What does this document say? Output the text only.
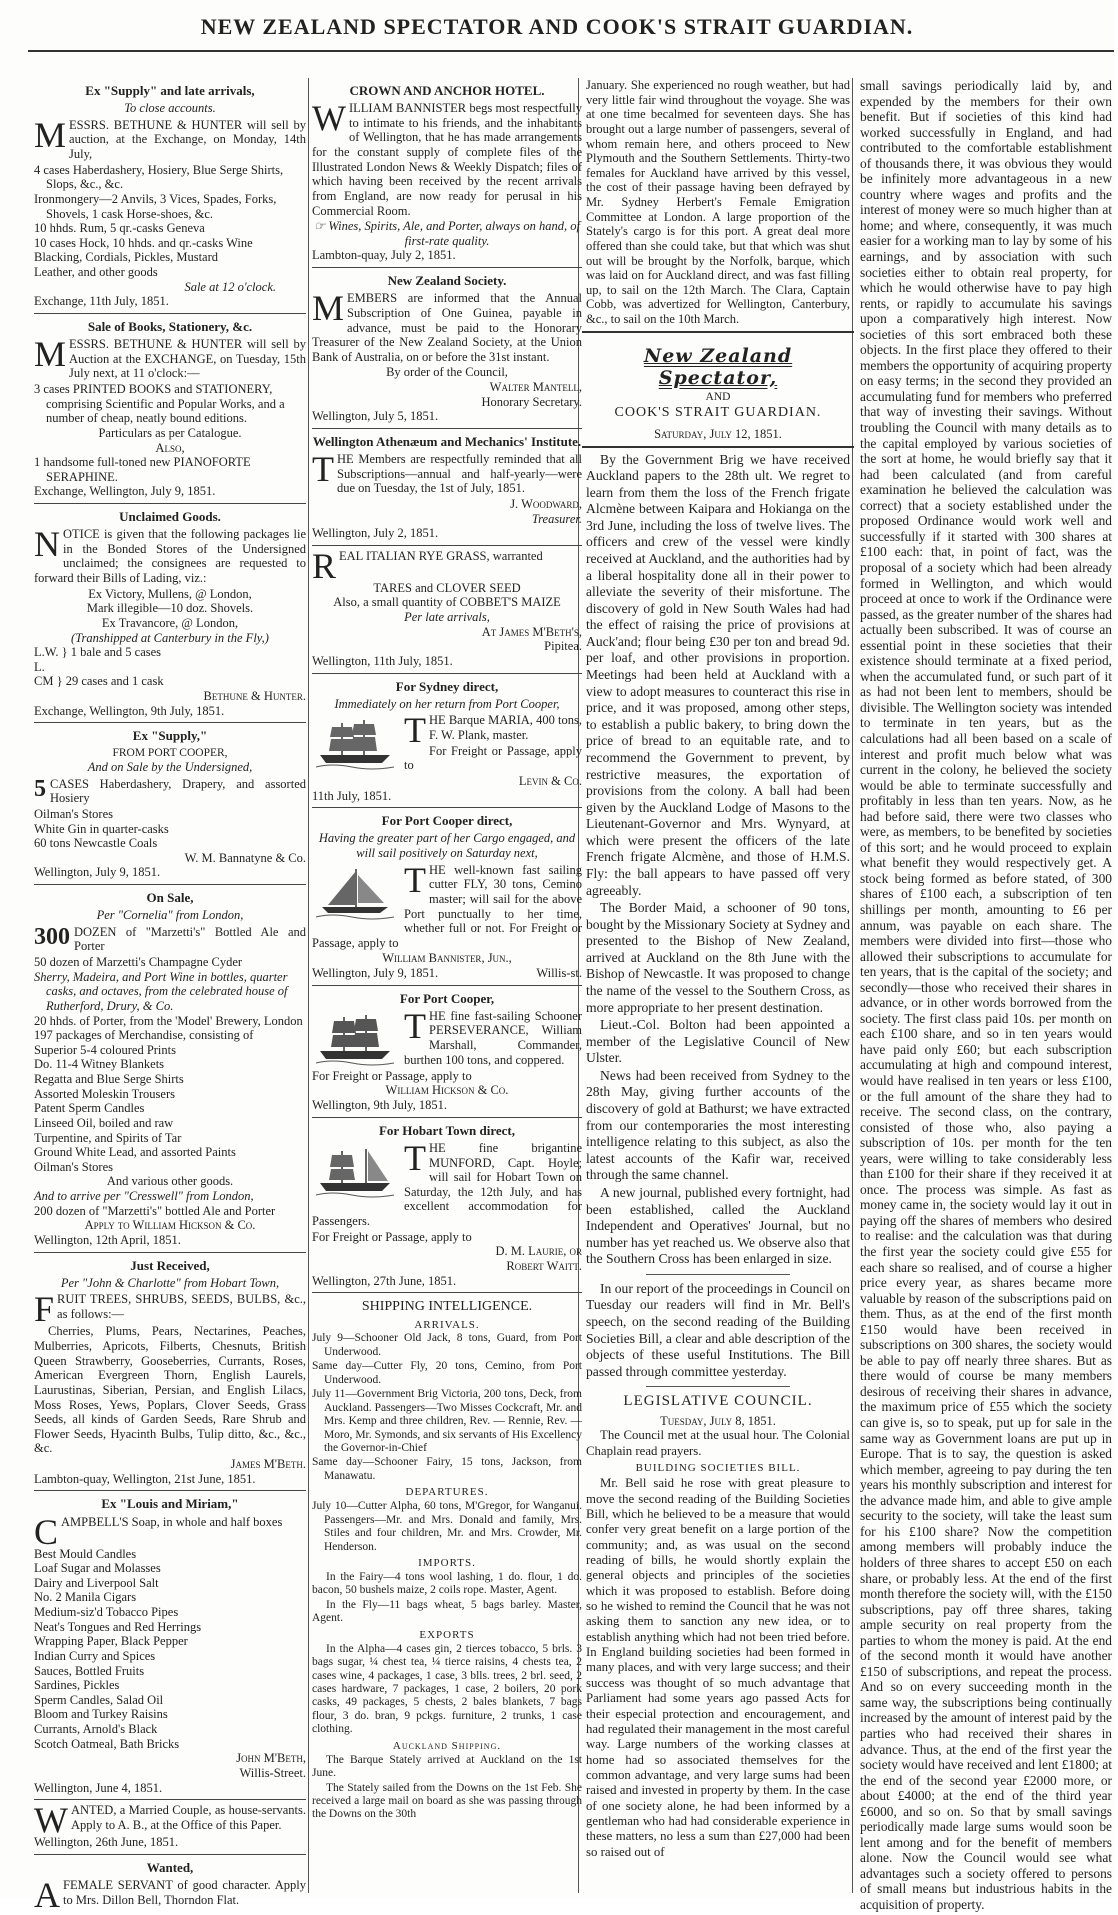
NEW ZEALAND SPECTATOR AND COOK'S STRAIT GUARDIAN.
Ex "Supply" and late arrivals,
To close accounts.

MESSRS. BETHUNE & HUNTER will sell by auction, at the Exchange, on Monday, 14th July,

4 cases Haberdashery, Hosiery, Blue Serge Shirts, Slops, &c., &c.
Ironmongery—2 Anvils, 3 Vices, Spades, Forks, Shovels, 1 cask Horse-shoes, &c.
10 hhds. Rum, 5 qr.-casks Geneva
10 cases Hock, 10 hhds. and qr.-casks Wine
Blacking, Cordials, Pickles, Mustard
Leather, and other goods
Sale at 12 o'clock.
Exchange, 11th July, 1851.
Sale of Books, Stationery, &c.

MESSRS. BETHUNE & HUNTER will sell by Auction at the EXCHANGE, on Tuesday, 15th July next, at 11 o'clock:—

3 cases PRINTED BOOKS and STATIONERY, comprising Scientific and Popular Works, and a number of cheap, neatly bound editions.
Particulars as per Catalogue.
Also,
1 handsome full-toned new PIANOFORTE SERAPHINE.
Exchange, Wellington, July 9, 1851.
Unclaimed Goods.

NOTICE is given that the following packages lie in the Bonded Stores of the Undersigned unclaimed; the consignees are requested to forward their Bills of Lading, viz.:

Ex Victory, Mullens, @ London,
Mark illegible—10 doz. Shovels.
Ex Travancore, @ London,
(Transhipped at Canterbury in the Fly,)
L.W. } 1 bale and 5 cases
L.
CM } 29 cases and 1 cask
Bethune & Hunter.
Exchange, Wellington, 9th July, 1851.
Ex "Supply,"
FROM PORT COOPER,
And on Sale by the Undersigned,

5 CASES Haberdashery, Drapery, and assorted Hosiery

Oilman's Stores
White Gin in quarter-casks
60 tons Newcastle Coals
W. M. Bannatyne & Co.
Wellington, July 9, 1851.
On Sale,
Per "Cornelia" from London,

300 DOZEN of "Marzetti's" Bottled Ale and Porter

50 dozen of Marzetti's Champagne Cyder
Sherry, Madeira, and Port Wine in bottles, quarter casks, and octaves, from the celebrated house of Rutherford, Drury, & Co.
20 hhds. of Porter, from the 'Model' Brewery, London
197 packages of Merchandise, consisting of
Superior 5-4 coloured Prints
Do. 11-4 Witney Blankets
Regatta and Blue Serge Shirts
Assorted Moleskin Trousers
Patent Sperm Candles
Linseed Oil, boiled and raw
Turpentine, and Spirits of Tar
Ground White Lead, and assorted Paints
Oilman's Stores
And various other goods.
And to arrive per "Cresswell" from London,
200 dozen of "Marzetti's" bottled Ale and Porter
Apply to William Hickson & Co.
Wellington, 12th April, 1851.
Just Received,
Per "John & Charlotte" from Hobart Town,

FRUIT TREES, SHRUBS, SEEDS, BULBS, &c., as follows:—

Cherries, Plums, Pears, Nectarines, Peaches, Mulberries, Apricots, Filberts, Chesnuts, British Queen Strawberry, Gooseberries, Currants, Roses, American Evergreen Thorn, English Laurels, Laurustinas, Siberian, Persian, and English Lilacs, Moss Roses, Yews, Poplars, Clover Seeds, Grass Seeds, all kinds of Garden Seeds, Rare Shrub and Flower Seeds, Hyacinth Bulbs, Tulip ditto, &c., &c., &c.

James M'Beth.
Lambton-quay, Wellington, 21st June, 1851.
Ex "Louis and Miriam,"

CAMPBELL'S Soap, in whole and half boxes

Best Mould Candles
Loaf Sugar and Molasses
Dairy and Liverpool Salt
No. 2 Manila Cigars
Medium-siz'd Tobacco Pipes
Neat's Tongues and Red Herrings
Wrapping Paper, Black Pepper
Indian Curry and Spices
Sauces, Bottled Fruits
Sardines, Pickles
Sperm Candles, Salad Oil
Bloom and Turkey Raisins
Currants, Arnold's Black
Scotch Oatmeal, Bath Bricks
John M'Beth,
Willis-Street.
Wellington, June 4, 1851.

WANTED, a Married Couple, as house-servants. Apply to A. B., at the Office of this Paper.

Wellington, 26th June, 1851.
Wanted,

AFEMALE SERVANT of good character. Apply to Mrs. Dillon Bell, Thorndon Flat.

CROWN AND ANCHOR HOTEL.

WILLIAM BANNISTER begs most respectfully to intimate to his friends, and the inhabitants of Wellington, that he has made arrangements for the constant supply of complete files of the Illustrated London News & Weekly Dispatch; files of which having been received by the recent arrivals from England, are now ready for perusal in his Commercial Room.

☞ Wines, Spirits, Ale, and Porter, always on hand, of first-rate quality.
Lambton-quay, July 2, 1851.
New Zealand Society.

MEMBERS are informed that the Annual Subscription of One Guinea, payable in advance, must be paid to the Honorary Treasurer of the New Zealand Society, at the Union Bank of Australia, on or before the 31st instant.

By order of the Council,
Walter Mantell,
Honorary Secretary.
Wellington, July 5, 1851.
Wellington Athenæum and Mechanics' Institute.

THE Members are respectfully reminded that all Subscriptions—annual and half-yearly—were due on Tuesday, the 1st of July, 1851.

J. Woodward,
Treasurer.
Wellington, July 2, 1851.

REAL ITALIAN RYE GRASS, warranted

TARES and CLOVER SEED
Also, a small quantity of COBBET'S MAIZE
Per late arrivals,
At James M'Beth's,
Pipitea.
Wellington, 11th July, 1851.
For Sydney direct,
Immediately on her return from Port Cooper,

THE Barque MARIA, 400 tons, F. W. Plank, master.

For Freight or Passage, apply to

Levin & Co.
11th July, 1851.
For Port Cooper direct,
Having the greater part of her Cargo engaged, and will sail positively on Saturday next,

THE well-known fast sailing cutter FLY, 30 tons, Cemino master; will sail for the above Port punctually to her time, whether full or not. For Freight or Passage, apply to

William Bannister, Jun.,
Wellington, July 9, 1851.	Willis-st.
For Port Cooper,

THE fine fast-sailing Schooner PERSEVERANCE, William Marshall, Commander, burthen 100 tons, and coppered.

For Freight or Passage, apply to
William Hickson & Co.
Wellington, 9th July, 1851.
For Hobart Town direct,

THE fine brigantine MUNFORD, Capt. Hoyle; will sail for Hobart Town on Saturday, the 12th July, and has excellent accommodation for Passengers.

For Freight or Passage, apply to
D. M. Laurie, or
Robert Waitt.
Wellington, 27th June, 1851.
SHIPPING INTELLIGENCE.
ARRIVALS.

July 9—Schooner Old Jack, 8 tons, Guard, from Port Underwood.

Same day—Cutter Fly, 20 tons, Cemino, from Port Underwood.

July 11—Government Brig Victoria, 200 tons, Deck, from Auckland. Passengers—Two Misses Cockcraft, Mr. and Mrs. Kemp and three children, Rev. — Rennie, Rev. — Moro, Mr. Symonds, and six servants of His Excellency the Governor-in-Chief

Same day—Schooner Fairy, 15 tons, Jackson, from Manawatu.

DEPARTURES.

July 10—Cutter Alpha, 60 tons, M'Gregor, for Wanganui. Passengers—Mr. and Mrs. Donald and family, Mrs. Stiles and four children, Mr. and Mrs. Crowder, Mr. Henderson.

IMPORTS.

In the Fairy—4 tons wool lashing, 1 do. flour, 1 do. bacon, 50 bushels maize, 2 coils rope. Master, Agent.

In the Fly—11 bags wheat, 5 bags barley. Master, Agent.

EXPORTS

In the Alpha—4 cases gin, 2 tierces tobacco, 5 brls. 3 bags sugar, ¼ chest tea, ¼ tierce raisins, 4 chests tea, 2 cases wine, 4 packages, 1 case, 3 blls. trees, 2 brl. seed, 2 cases hardware, 7 packages, 1 case, 2 boilers, 20 pork casks, 49 packages, 5 chests, 2 bales blankets, 7 bags flour, 3 do. bran, 9 pckgs. furniture, 2 trunks, 1 case clothing.

Auckland Shipping.

The Barque Stately arrived at Auckland on the 1st June.

The Stately sailed from the Downs on the 1st Feb. She received a large mail on board as she was passing through the Downs on the 30th

January. She experienced no rough weather, but had very little fair wind throughout the voyage. She was at one time becalmed for seventeen days. She has brought out a large number of passengers, several of whom remain here, and others proceed to New Plymouth and the Southern Settlements. Thirty-two females for Auckland have arrived by this vessel, the cost of their passage having been defrayed by Mr. Sydney Herbert's Female Emigration Committee at London. A large proportion of the Stately's cargo is for this port. A great deal more offered than she could take, but that which was shut out will be brought by the Norfolk, barque, which was laid on for Auckland direct, and was fast filling up, to sail on the 12th March. The Clara, Captain Cobb, was advertized for Wellington, Canterbury, &c., to sail on the 10th March.

New Zealand Spectator,
AND
COOK'S STRAIT GUARDIAN.
Saturday, July 12, 1851.

By the Government Brig we have received Auckland papers to the 28th ult. We regret to learn from them the loss of the French frigate Alcmène between Kaipara and Hokianga on the 3rd June, including the loss of twelve lives. The officers and crew of the vessel were kindly received at Auckland, and the authorities had by a liberal hospitality done all in their power to alleviate the severity of their misfortune. The discovery of gold in New South Wales had had the effect of raising the price of provisions at Auck'and; flour being £30 per ton and bread 9d. per loaf, and other provisions in proportion. Meetings had been held at Auckland with a view to adopt measures to counteract this rise in price, and it was proposed, among other steps, to establish a public bakery, to bring down the price of bread to an equitable rate, and to recommend the Government to prevent, by restrictive measures, the exportation of provisions from the colony. A ball had been given by the Auckland Lodge of Masons to the Lieutenant-Governor and Mrs. Wynyard, at which were present the officers of the late French frigate Alcmène, and those of H.M.S. Fly: the ball appears to have passed off very agreeably.

The Border Maid, a schooner of 90 tons, bought by the Missionary Society at Sydney and presented to the Bishop of New Zealand, arrived at Auckland on the 8th June with the Bishop of Newcastle. It was proposed to change the name of the vessel to the Southern Cross, as more appropriate to her present destination.

Lieut.-Col. Bolton had been appointed a member of the Legislative Council of New Ulster.

News had been received from Sydney to the 28th May, giving further accounts of the discovery of gold at Bathurst; we have extracted from our contemporaries the most interesting intelligence relating to this subject, as also the latest accounts of the Kafir war, received through the same channel.

A new journal, published every fortnight, had been established, called the Auckland Independent and Operatives' Journal, but no number has yet reached us. We observe also that the Southern Cross has been enlarged in size.

In our report of the proceedings in Council on Tuesday our readers will find in Mr. Bell's speech, on the second reading of the Building Societies Bill, a clear and able description of the objects of these useful Institutions. The Bill passed through committee yesterday.

LEGISLATIVE COUNCIL.
Tuesday, July 8, 1851.

The Council met at the usual hour. The Colonial Chaplain read prayers.

BUILDING SOCIETIES BILL.

Mr. Bell said he rose with great pleasure to move the second reading of the Building Societies Bill, which he believed to be a measure that would confer very great benefit on a large portion of the community; and, as was usual on the second reading of bills, he would shortly explain the general objects and principles of the societies which it was proposed to establish. Before doing so he wished to remind the Council that he was not asking them to sanction any new idea, or to establish anything which had not been tried before. In England building societies had been formed in many places, and with very large success; and their success was thought of so much advantage that Parliament had some years ago passed Acts for their especial protection and encouragement, and had regulated their management in the most careful way. Large numbers of the working classes at home had so associated themselves for the common advantage, and very large sums had been raised and invested in property by them. In the case of one society alone, he had been informed by a gentleman who had had considerable experience in these matters, no less a sum than £27,000 had been so raised out of

small savings periodically laid by, and expended by the members for their own benefit. But if societies of this kind had worked successfully in England, and had contributed to the comfortable establishment of thousands there, it was obvious they would be infinitely more advantageous in a new country where wages and profits and the interest of money were so much higher than at home; and where, consequently, it was much easier for a working man to lay by some of his earnings, and by association with such societies either to obtain real property, for which he would otherwise have to pay high rents, or rapidly to accumulate his savings upon a comparatively high interest. Now societies of this sort embraced both these objects. In the first place they offered to their members the opportunity of acquiring property on easy terms; in the second they provided an accumulating fund for members who preferred that way of investing their savings. Without troubling the Council with many details as to the capital employed by various societies of the sort at home, he would briefly say that it had been calculated (and from careful examination he believed the calculation was correct) that a society established under the proposed Ordinance would work well and successfully if it started with 300 shares at £100 each: that, in point of fact, was the proposal of a society which had been already formed in Wellington, and which would proceed at once to work if the Ordinance were passed, as the greater number of the shares had actually been subscribed. It was of course an essential point in these societies that their existence should terminate at a fixed period, when the accumulated fund, or such part of it as had not been lent to members, should be divisible. The Wellington society was intended to terminate in ten years, but as the calculations had all been based on a scale of interest and profit much below what was current in the colony, he believed the society would be able to terminate successfully and profitably in less than ten years. Now, as he had before said, there were two classes who were, as members, to be benefited by societies of this sort; and he would proceed to explain what benefit they would respectively get. A stock being formed as before stated, of 300 shares of £100 each, a subscription of ten shillings per month, amounting to £6 per annum, was payable on each share. The members were divided into first—those who allowed their subscriptions to accumulate for ten years, that is the capital of the society; and secondly—those who received their shares in advance, or in other words borrowed from the society. The first class paid 10s. per month on each £100 share, and so in ten years would have paid only £60; but each subscription accumulating at high and compound interest, would have realised in ten years or less £100, or the full amount of the share they had to receive. The second class, on the contrary, consisted of those who, also paying a subscription of 10s. per month for the ten years, were willing to take considerably less than £100 for their share if they received it at once. The process was simple. As fast as money came in, the society would lay it out in paying off the shares of members who desired to realise: and the calculation was that during the first year the society could give £55 for each share so realised, and of course a higher price every year, as shares became more valuable by reason of the subscriptions paid on them. Thus, as at the end of the first month £150 would have been received in subscriptions on 300 shares, the society would be able to pay off nearly three shares. But as there would of course be many members desirous of receiving their shares in advance, the maximum price of £55 which the society can give is, so to speak, put up for sale in the same way as Government loans are put up in Europe. That is to say, the question is asked which member, agreeing to pay during the ten years his monthly subscription and interest for the advance made him, and able to give ample security to the society, will take the least sum for his £100 share? Now the competition among members will probably induce the holders of three shares to accept £50 on each share, or probably less. At the end of the first month therefore the society will, with the £150 subscriptions, pay off three shares, taking ample security on real property from the parties to whom the money is paid. At the end of the second month it would have another £150 of subscriptions, and repeat the process. And so on every succeeding month in the same way, the subscriptions being continually increased by the amount of interest paid by the parties who had received their shares in advance. Thus, at the end of the first year the society would have received and lent £1800; at the end of the second year £2000 more, or about £4000; at the end of the third year £6000, and so on. So that by small savings periodically made large sums would soon be lent among and for the benefit of members alone. Now the Council would see what advantages such a society offered to persons of small means but industrious habits in the acquisition of property.
